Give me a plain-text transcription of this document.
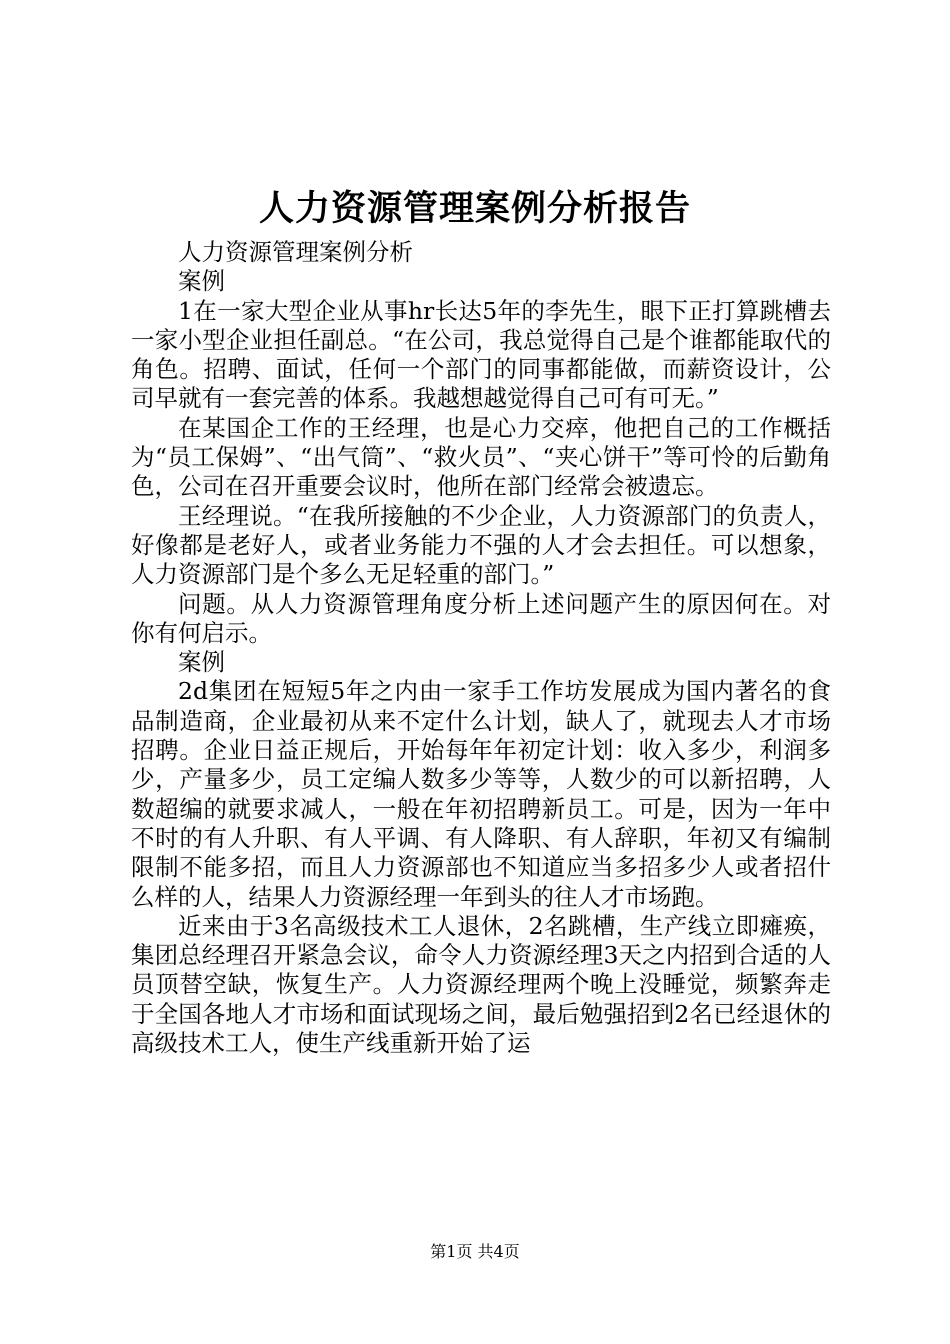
人力资源管理案例分析报告

人力资源管理案例分析

案例

1在一家大型企业从事hr长达5年的李先生，眼下正打算跳槽去一家小型企业担任副总。“在公司，我总觉得自己是个谁都能取代的角色。招聘、面试，任何一个部门的同事都能做，而薪资设计，公司早就有一套完善的体系。我越想越觉得自己可有可无。”

在某国企工作的王经理，也是心力交瘁，他把自己的工作概括为“员工保姆”、“出气筒”、“救火员”、“夹心饼干”等可怜的后勤角色，公司在召开重要会议时，他所在部门经常会被遗忘。

王经理说。“在我所接触的不少企业，人力资源部门的负责人，好像都是老好人，或者业务能力不强的人才会去担任。可以想象，人力资源部门是个多么无足轻重的部门。”

问题。从人力资源管理角度分析上述问题产生的原因何在。对你有何启示。

案例

2d集团在短短5年之内由一家手工作坊发展成为国内著名的食品制造商，企业最初从来不定什么计划，缺人了，就现去人才市场招聘。企业日益正规后，开始每年年初定计划：收入多少，利润多少，产量多少，员工定编人数多少等等，人数少的可以新招聘，人数超编的就要求减人，一般在年初招聘新员工。可是，因为一年中不时的有人升职、有人平调、有人降职、有人辞职，年初又有编制限制不能多招，而且人力资源部也不知道应当多招多少人或者招什么样的人，结果人力资源经理一年到头的往人才市场跑。

近来由于3名高级技术工人退休，2名跳槽，生产线立即瘫痪，集团总经理召开紧急会议，命令人力资源经理3天之内招到合适的人员顶替空缺，恢复生产。人力资源经理两个晚上没睡觉，频繁奔走于全国各地人才市场和面试现场之间，最后勉强招到2名已经退休的高级技术工人，使生产线重新开始了运

第1页 共4页
